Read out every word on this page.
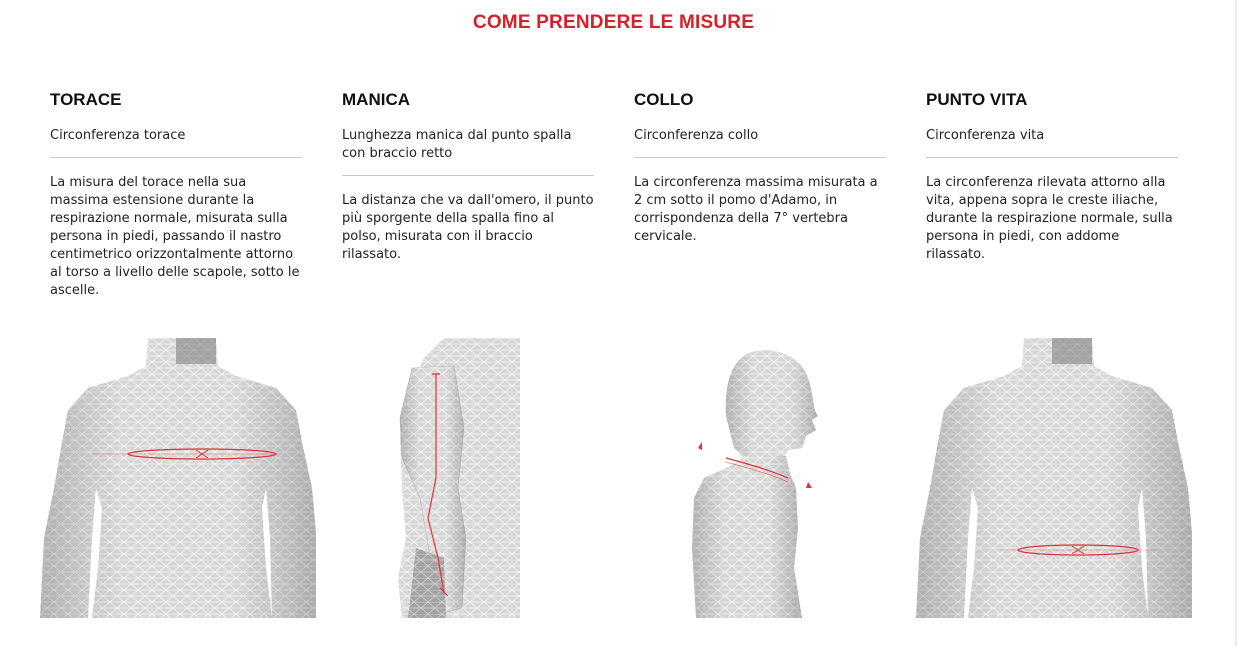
COME PRENDERE LE MISURE
TORACE
Circonferenza torace
La misura del torace nella sua massima estensione durante la respirazione normale, misurata sulla persona in piedi, passando il nastro centimetrico orizzontalmente attorno al torso a livello delle scapole, sotto le ascelle.
MANICA
Lunghezza manica dal punto spalla con braccio retto
La distanza che va dall'omero, il punto più sporgente della spalla fino al polso, misurata con il braccio rilassato.
COLLO
Circonferenza collo
La circonferenza massima misurata a 2 cm sotto il pomo d'Adamo, in corrispondenza della 7° vertebra cervicale.
PUNTO VITA
Circonferenza vita
La circonferenza rilevata attorno alla vita, appena sopra le creste iliache, durante la respirazione normale, sulla persona in piedi, con addome rilassato.
